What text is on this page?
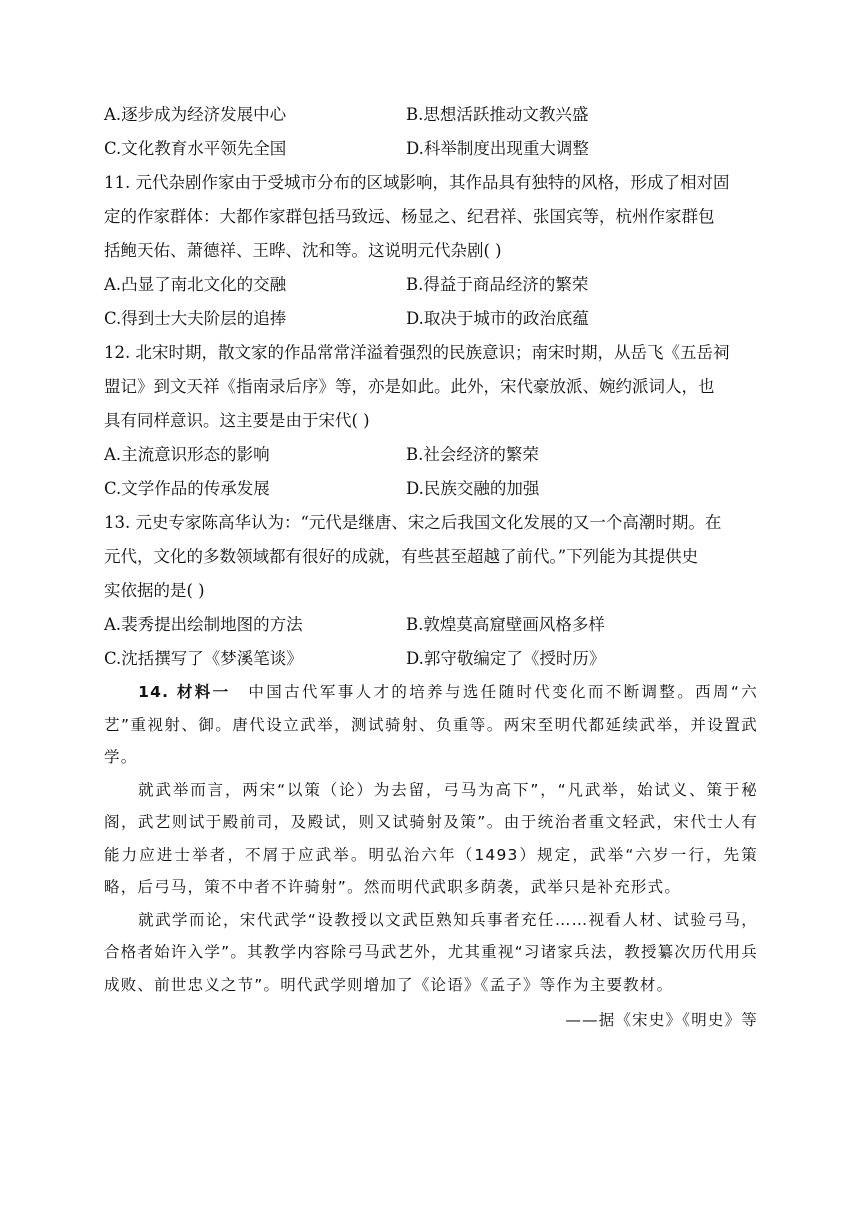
A.逐步成为经济发展中心	B.思想活跃推动文教兴盛
C.文化教育水平领先全国	D.科举制度出现重大调整
11. 元代杂剧作家由于受城市分布的区域影响，其作品具有独特的风格，形成了相对固
定的作家群体：大都作家群包括马致远、杨显之、纪君祥、张国宾等，杭州作家群包
括鲍天佑、萧德祥、王晔、沈和等。这说明元代杂剧( )
A.凸显了南北文化的交融	B.得益于商品经济的繁荣
C.得到士大夫阶层的追捧	D.取决于城市的政治底蕴
12. 北宋时期，散文家的作品常常洋溢着强烈的民族意识；南宋时期，从岳飞《五岳祠
盟记》到文天祥《指南录后序》等，亦是如此。此外，宋代豪放派、婉约派词人，也
具有同样意识。这主要是由于宋代( )
A.主流意识形态的影响	B.社会经济的繁荣
C.文学作品的传承发展	D.民族交融的加强
13. 元史专家陈高华认为：“元代是继唐、宋之后我国文化发展的又一个高潮时期。在
元代，文化的多数领域都有很好的成就，有些甚至超越了前代。”下列能为其提供史
实依据的是( )
A.裴秀提出绘制地图的方法	B.敦煌莫高窟壁画风格多样
C.沈括撰写了《梦溪笔谈》	D.郭守敬编定了《授时历》

14. 材料一　中国古代军事人才的培养与选任随时代变化而不断调整。西周“六艺”重视射、御。唐代设立武举，测试骑射、负重等。两宋至明代都延续武举，并设置武学。

就武举而言，两宋“以策（论）为去留，弓马为高下”，“凡武举，始试义、策于秘阁，武艺则试于殿前司，及殿试，则又试骑射及策”。由于统治者重文轻武，宋代士人有能力应进士举者，不屑于应武举。明弘治六年（1493）规定，武举“六岁一行，先策略，后弓马，策不中者不许骑射”。然而明代武职多荫袭，武举只是补充形式。

就武学而论，宋代武学“设教授以文武臣熟知兵事者充任……视看人材、试验弓马，合格者始许入学”。其教学内容除弓马武艺外，尤其重视“习诸家兵法，教授纂次历代用兵成败、前世忠义之节”。明代武学则增加了《论语》《孟子》等作为主要教材。

——据《宋史》《明史》等
